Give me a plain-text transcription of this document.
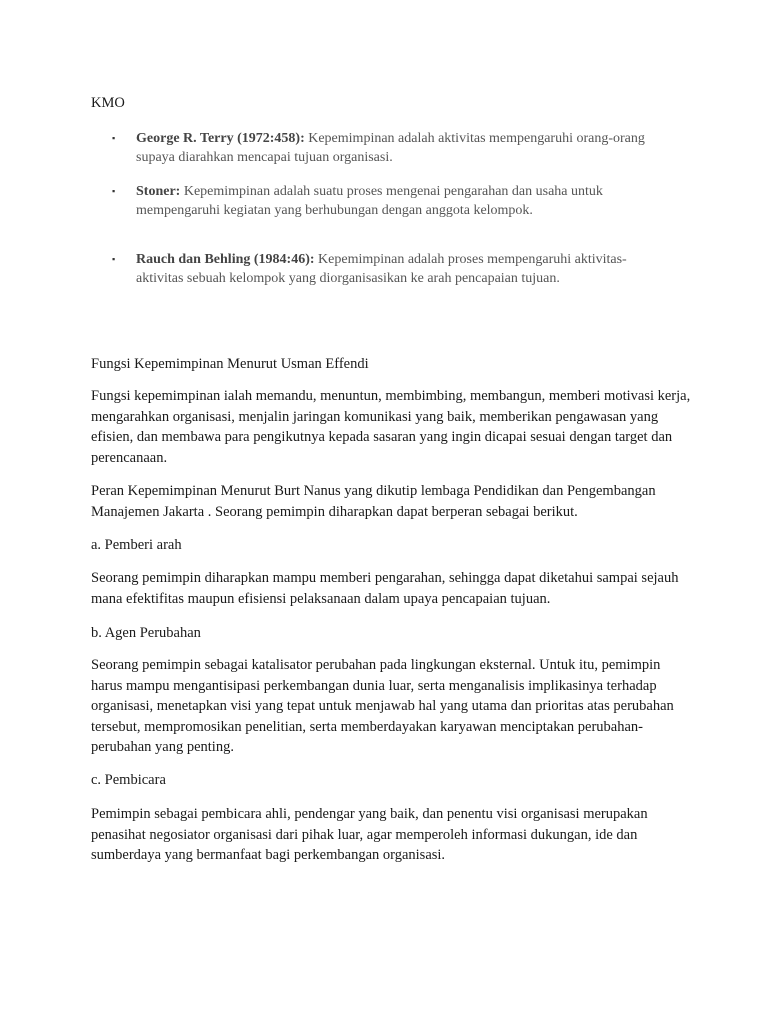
KMO
▪ George R. Terry (1972:458): Kepemimpinan adalah aktivitas mempengaruhi orang-orang supaya diarahkan mencapai tujuan organisasi.
▪ Stoner: Kepemimpinan adalah suatu proses mengenai pengarahan dan usaha untuk mempengaruhi kegiatan yang berhubungan dengan anggota kelompok.
▪ Rauch dan Behling (1984:46): Kepemimpinan adalah proses mempengaruhi aktivitas-aktivitas sebuah kelompok yang diorganisasikan ke arah pencapaian tujuan.

Fungsi Kepemimpinan Menurut Usman Effendi

Fungsi kepemimpinan ialah memandu, menuntun, membimbing, membangun, memberi motivasi kerja, mengarahkan organisasi, menjalin jaringan komunikasi yang baik, memberikan pengawasan yang efisien, dan membawa para pengikutnya kepada sasaran yang ingin dicapai sesuai dengan target dan perencanaan.

Peran Kepemimpinan Menurut Burt Nanus yang dikutip lembaga Pendidikan dan Pengembangan Manajemen Jakarta . Seorang pemimpin diharapkan dapat berperan sebagai berikut.

a. Pemberi arah

Seorang pemimpin diharapkan mampu memberi pengarahan, sehingga dapat diketahui sampai sejauh mana efektifitas maupun efisiensi pelaksanaan dalam upaya pencapaian tujuan.

b. Agen Perubahan

Seorang pemimpin sebagai katalisator perubahan pada lingkungan eksternal. Untuk itu, pemimpin harus mampu mengantisipasi perkembangan dunia luar, serta menganalisis implikasinya terhadap organisasi, menetapkan visi yang tepat untuk menjawab hal yang utama dan prioritas atas perubahan tersebut, mempromosikan penelitian, serta memberdayakan karyawan menciptakan perubahan-perubahan yang penting.

c. Pembicara

Pemimpin sebagai pembicara ahli, pendengar yang baik, dan penentu visi organisasi merupakan penasihat negosiator organisasi dari pihak luar, agar memperoleh informasi dukungan, ide dan sumberdaya yang bermanfaat bagi perkembangan organisasi.
